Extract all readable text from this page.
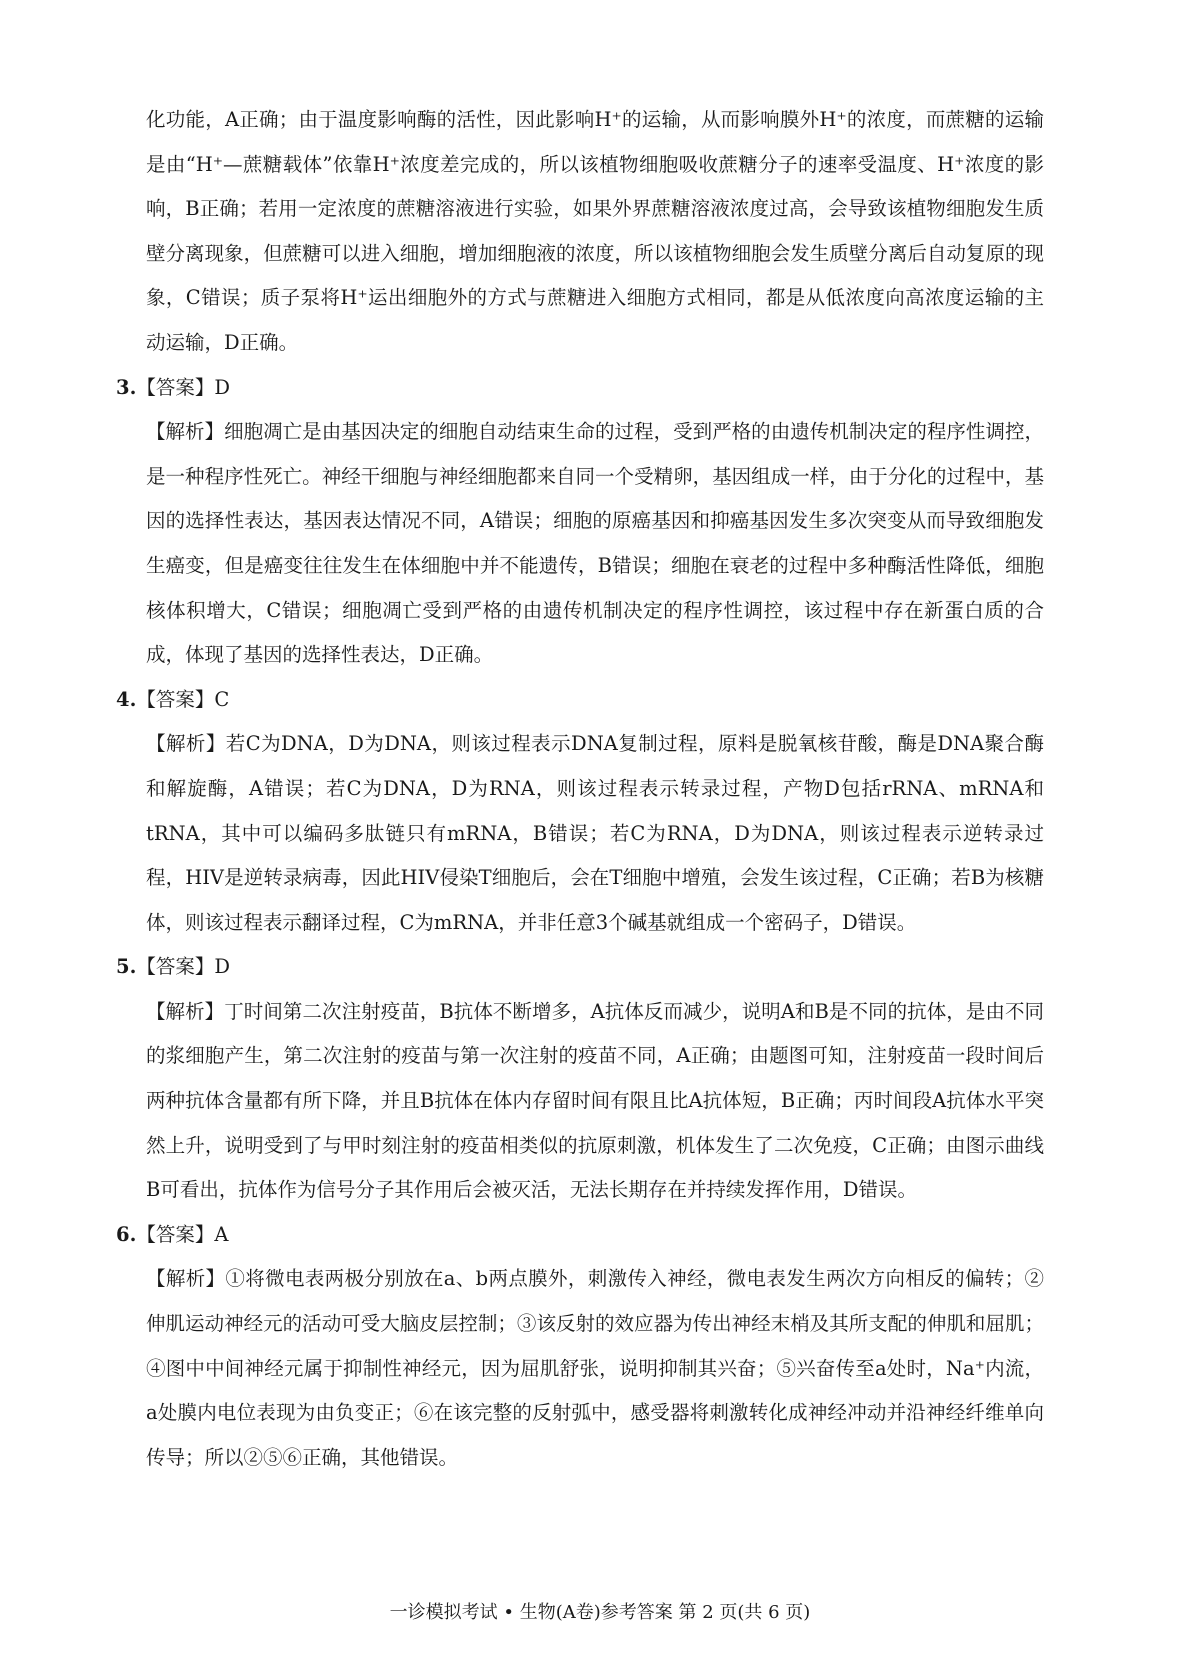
化功能，A正确；由于温度影响酶的活性，因此影响H⁺的运输，从而影响膜外H⁺的浓度，而蔗糖的运输是由“H⁺—蔗糖载体”依靠H⁺浓度差完成的，所以该植物细胞吸收蔗糖分子的速率受温度、H⁺浓度的影响，B正确；若用一定浓度的蔗糖溶液进行实验，如果外界蔗糖溶液浓度过高，会导致该植物细胞发生质壁分离现象，但蔗糖可以进入细胞，增加细胞液的浓度，所以该植物细胞会发生质壁分离后自动复原的现象，C错误；质子泵将H⁺运出细胞外的方式与蔗糖进入细胞方式相同，都是从低浓度向高浓度运输的主动运输，D正确。

3.【答案】D

【解析】细胞凋亡是由基因决定的细胞自动结束生命的过程，受到严格的由遗传机制决定的程序性调控，是一种程序性死亡。神经干细胞与神经细胞都来自同一个受精卵，基因组成一样，由于分化的过程中，基因的选择性表达，基因表达情况不同，A错误；细胞的原癌基因和抑癌基因发生多次突变从而导致细胞发生癌变，但是癌变往往发生在体细胞中并不能遗传，B错误；细胞在衰老的过程中多种酶活性降低，细胞核体积增大，C错误；细胞凋亡受到严格的由遗传机制决定的程序性调控，该过程中存在新蛋白质的合成，体现了基因的选择性表达，D正确。

4.【答案】C

【解析】若C为DNA，D为DNA，则该过程表示DNA复制过程，原料是脱氧核苷酸，酶是DNA聚合酶和解旋酶，A错误；若C为DNA，D为RNA，则该过程表示转录过程，产物D包括rRNA、mRNA和tRNA，其中可以编码多肽链只有mRNA，B错误；若C为RNA，D为DNA，则该过程表示逆转录过程，HIV是逆转录病毒，因此HIV侵染T细胞后，会在T细胞中增殖，会发生该过程，C正确；若B为核糖体，则该过程表示翻译过程，C为mRNA，并非任意3个碱基就组成一个密码子，D错误。

5.【答案】D

【解析】丁时间第二次注射疫苗，B抗体不断增多，A抗体反而减少，说明A和B是不同的抗体，是由不同的浆细胞产生，第二次注射的疫苗与第一次注射的疫苗不同，A正确；由题图可知，注射疫苗一段时间后两种抗体含量都有所下降，并且B抗体在体内存留时间有限且比A抗体短，B正确；丙时间段A抗体水平突然上升，说明受到了与甲时刻注射的疫苗相类似的抗原刺激，机体发生了二次免疫，C正确；由图示曲线B可看出，抗体作为信号分子其作用后会被灭活，无法长期存在并持续发挥作用，D错误。

6.【答案】A

【解析】①将微电表两极分别放在a、b两点膜外，刺激传入神经，微电表发生两次方向相反的偏转；②伸肌运动神经元的活动可受大脑皮层控制；③该反射的效应器为传出神经末梢及其所支配的伸肌和屈肌；④图中中间神经元属于抑制性神经元，因为屈肌舒张，说明抑制其兴奋；⑤兴奋传至a处时，Na⁺内流，a处膜内电位表现为由负变正；⑥在该完整的反射弧中，感受器将刺激转化成神经冲动并沿神经纤维单向传导；所以②⑤⑥正确，其他错误。

一诊模拟考试 • 生物(A卷)参考答案 第 2 页(共 6 页)
